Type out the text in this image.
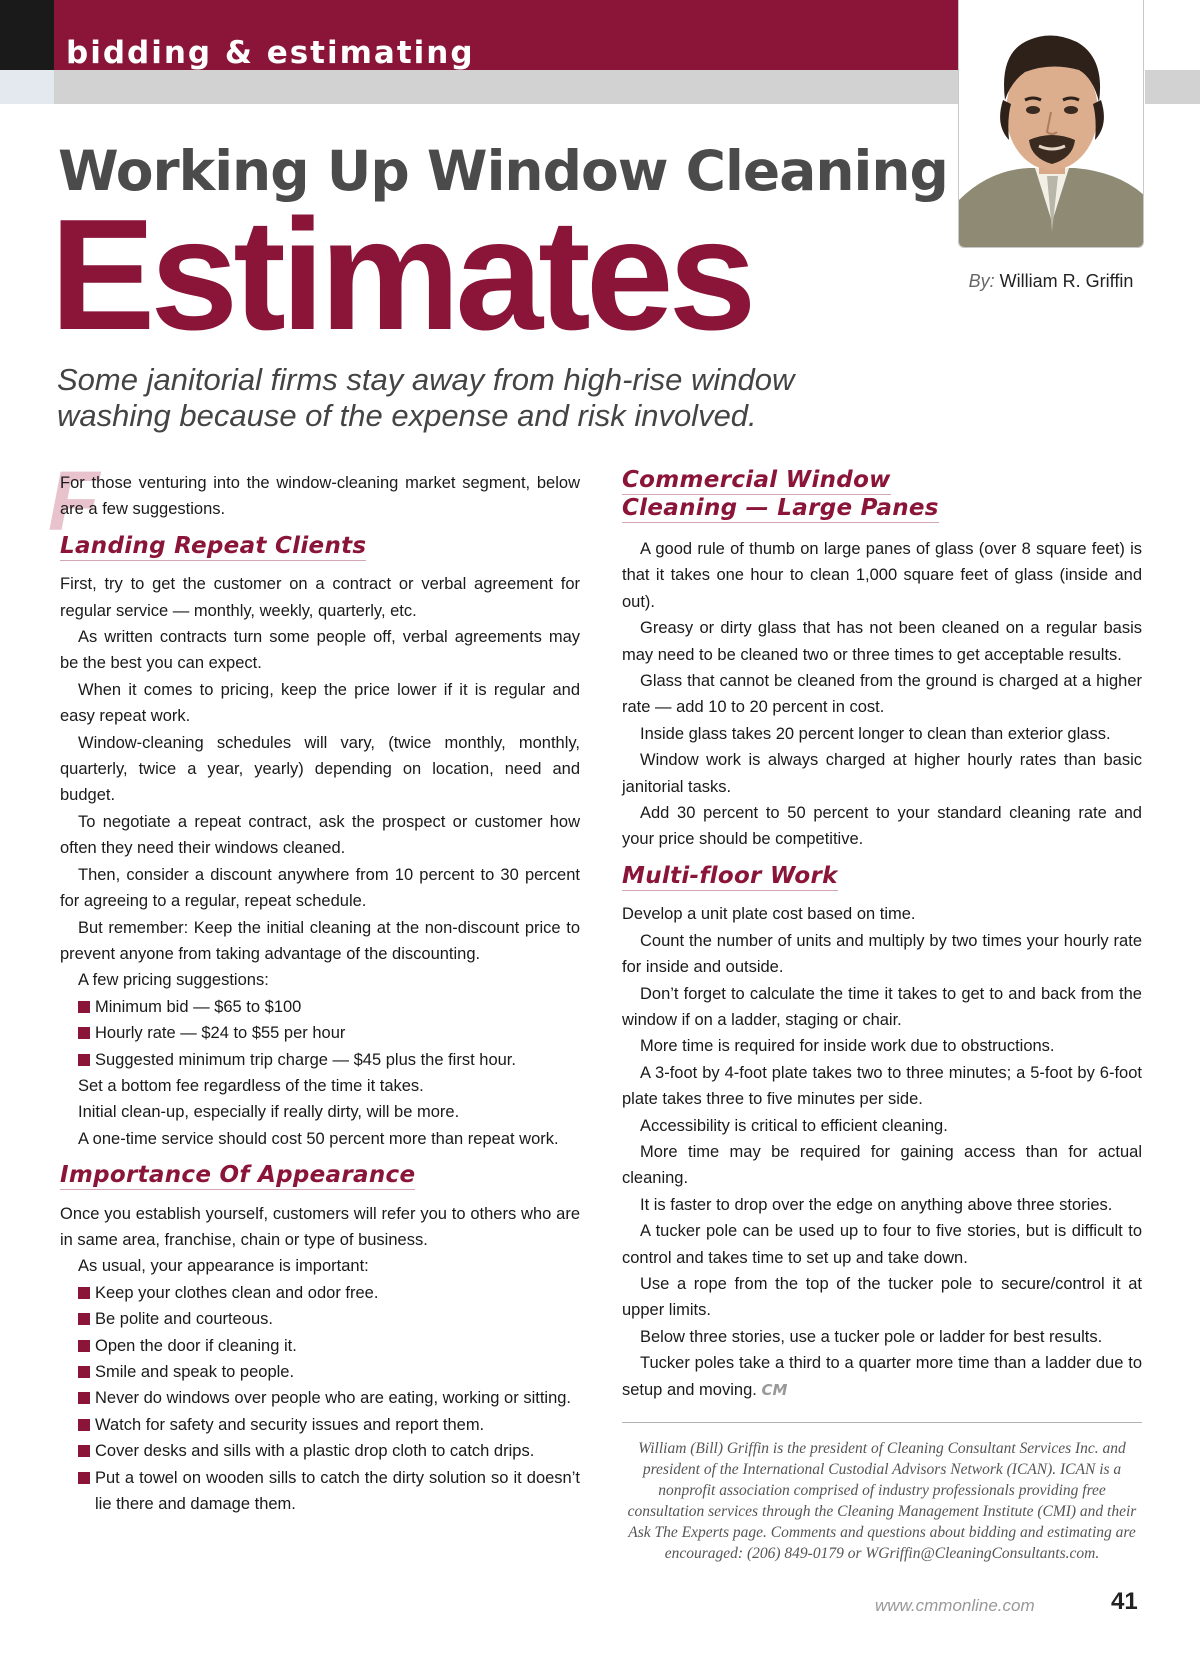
bidding & estimating
By: William R. Griffin
Working Up Window Cleaning
Estimates

Some janitorial firms stay away from high-rise window washing because of the expense and risk involved.

F

For those venturing into the window-cleaning market segment, below are a few suggestions.

Landing Repeat Clients

First, try to get the customer on a contract or verbal agreement for regular service — monthly, weekly, quarterly, etc.

As written contracts turn some people off, verbal agreements may be the best you can expect.

When it comes to pricing, keep the price lower if it is regular and easy repeat work.

Window-cleaning schedules will vary, (twice monthly, monthly, quarterly, twice a year, yearly) depending on location, need and budget.

To negotiate a repeat contract, ask the prospect or customer how often they need their windows cleaned.

Then, consider a discount anywhere from 10 percent to 30 percent for agreeing to a regular, repeat schedule.

But remember: Keep the initial cleaning at the non-discount price to prevent anyone from taking advantage of the discounting.

A few pricing suggestions:

Minimum bid — $65 to $100
Hourly rate — $24 to $55 per hour
Suggested minimum trip charge — $45 plus the first hour.

Set a bottom fee regardless of the time it takes.

Initial clean-up, especially if really dirty, will be more.

A one-time service should cost 50 percent more than repeat work.

Importance Of Appearance

Once you establish yourself, customers will refer you to others who are in same area, franchise, chain or type of business.

As usual, your appearance is important:

Keep your clothes clean and odor free.
Be polite and courteous.
Open the door if cleaning it.
Smile and speak to people.
Never do windows over people who are eating, working or sitting.
Watch for safety and security issues and report them.
Cover desks and sills with a plastic drop cloth to catch drips.
Put a towel on wooden sills to catch the dirty solution so it doesn’t lie there and damage them.
Commercial Window
Cleaning — Large Panes

A good rule of thumb on large panes of glass (over 8 square feet) is that it takes one hour to clean 1,000 square feet of glass (inside and out).

Greasy or dirty glass that has not been cleaned on a regular basis may need to be cleaned two or three times to get acceptable results.

Glass that cannot be cleaned from the ground is charged at a higher rate — add 10 to 20 percent in cost.

Inside glass takes 20 percent longer to clean than exterior glass.

Window work is always charged at higher hourly rates than basic janitorial tasks.

Add 30 percent to 50 percent to your standard cleaning rate and your price should be competitive.

Multi-floor Work

Develop a unit plate cost based on time.

Count the number of units and multiply by two times your hourly rate for inside and outside.

Don’t forget to calculate the time it takes to get to and back from the window if on a ladder, staging or chair.

More time is required for inside work due to obstructions.

A 3-foot by 4-foot plate takes two to three minutes; a 5-foot by 6-foot plate takes three to five minutes per side.

Accessibility is critical to efficient cleaning.

More time may be required for gaining access than for actual cleaning.

It is faster to drop over the edge on anything above three stories.

A tucker pole can be used up to four to five stories, but is difficult to control and takes time to set up and take down.

Use a rope from the top of the tucker pole to secure/control it at upper limits.

Below three stories, use a tucker pole or ladder for best results.

Tucker poles take a third to a quarter more time than a ladder due to setup and moving. CM

William (Bill) Griffin is the president of Cleaning Consultant Services Inc. and president of the International Custodial Advisors Network (ICAN). ICAN is a nonprofit association comprised of industry professionals providing free consultation services through the Cleaning Management Institute (CMI) and their Ask The Experts page. Comments and questions about bidding and estimating are encouraged: (206) 849-0179 or WGriffin@CleaningConsultants.com.

www.cmmonline.com	41
